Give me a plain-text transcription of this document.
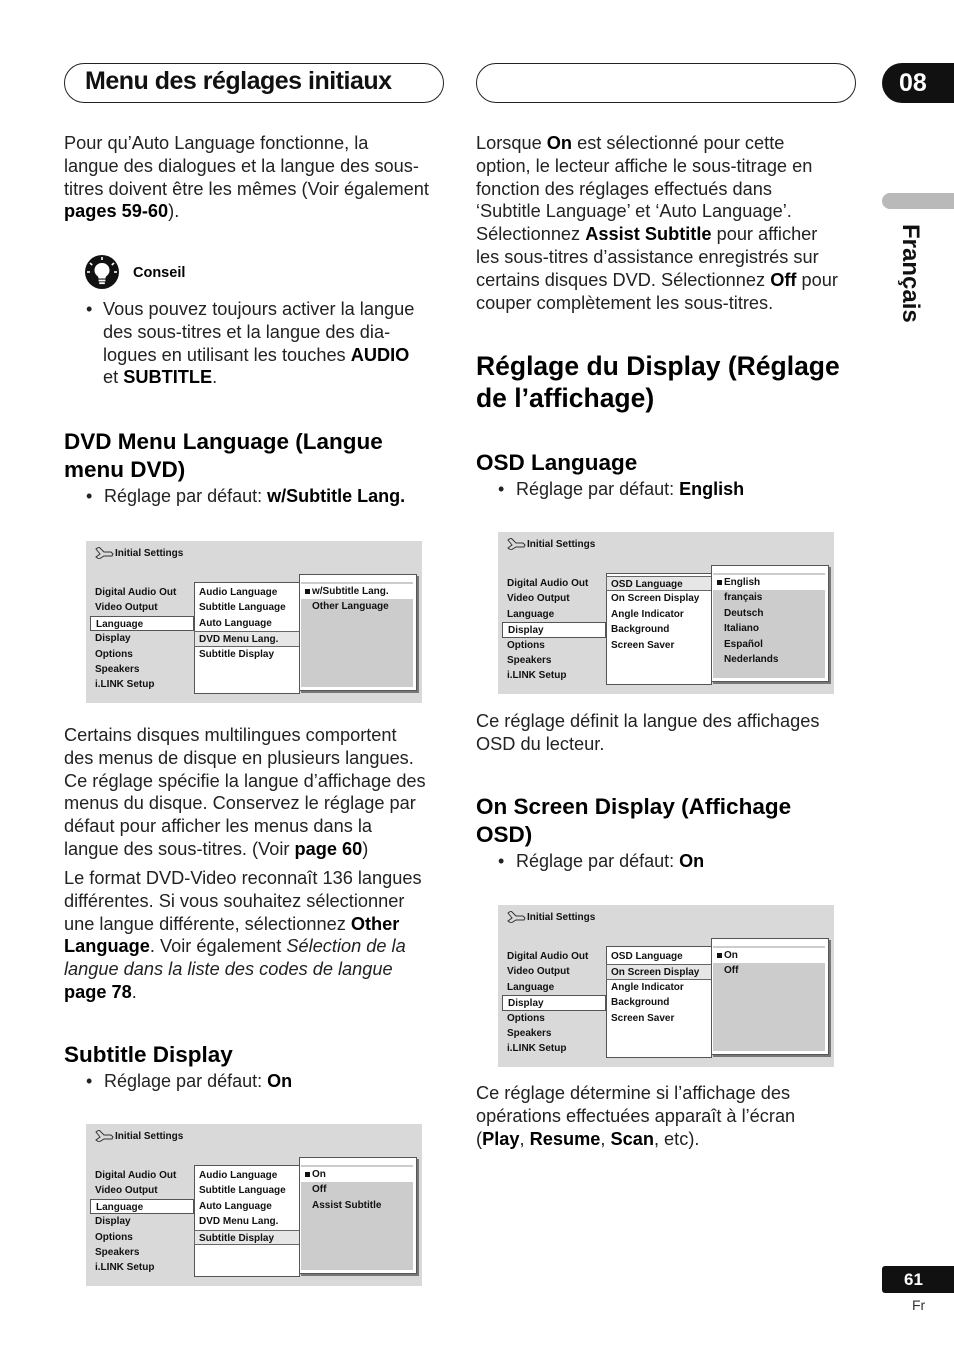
Menu des réglages initiaux	08
Français
Pour qu’Auto Language fonctionne, la
langue des dialogues et la langue des sous-
titres doivent être les mêmes (Voir également
pages 59-60).
Conseil
• Vous pouvez toujours activer la langue
des sous-titres et la langue des dia-
logues en utilisant les touches AUDIO
et SUBTITLE.
DVD Menu Language (Langue
menu DVD)
• Réglage par défaut: w/Subtitle Lang.
Initial Settings
Digital Audio Out
Video Output
Language
Display
Options
Speakers
i.LINK Setup
Audio Language
Subtitle Language
Auto Language
DVD Menu Lang.
Subtitle Display
w/Subtitle Lang.
Other Language
Certains disques multilingues comportent
des menus de disque en plusieurs langues.
Ce réglage spécifie la langue d’affichage des
menus du disque. Conservez le réglage par
défaut pour afficher les menus dans la
langue des sous-titres. (Voir page 60)
Le format DVD-Video reconnaît 136 langues
différentes. Si vous souhaitez sélectionner
une langue différente, sélectionnez Other
Language. Voir également Sélection de la
langue dans la liste des codes de langue
page 78.
Subtitle Display
• Réglage par défaut: On
Initial Settings
Digital Audio Out
Video Output
Language
Display
Options
Speakers
i.LINK Setup
Audio Language
Subtitle Language
Auto Language
DVD Menu Lang.
Subtitle Display
On
Off
Assist Subtitle
Lorsque On est sélectionné pour cette
option, le lecteur affiche le sous-titrage en
fonction des réglages effectués dans
‘Subtitle Language’ et ‘Auto Language’.
Sélectionnez Assist Subtitle pour afficher
les sous-titres d’assistance enregistrés sur
certains disques DVD. Sélectionnez Off pour
couper complètement les sous-titres.
Réglage du Display (Réglage
de l’affichage)
OSD Language
• Réglage par défaut: English
Initial Settings
Digital Audio Out
Video Output
Language
Display
Options
Speakers
i.LINK Setup
OSD Language
On Screen Display
Angle Indicator
Background
Screen Saver
English
français
Deutsch
Italiano
Español
Nederlands
Ce réglage définit la langue des affichages
OSD du lecteur.
On Screen Display (Affichage
OSD)
• Réglage par défaut: On
Initial Settings
Digital Audio Out
Video Output
Language
Display
Options
Speakers
i.LINK Setup
OSD Language
On Screen Display
Angle Indicator
Background
Screen Saver
On
Off
Ce réglage détermine si l’affichage des
opérations effectuées apparaît à l’écran
(Play, Resume, Scan, etc).
61
Fr
